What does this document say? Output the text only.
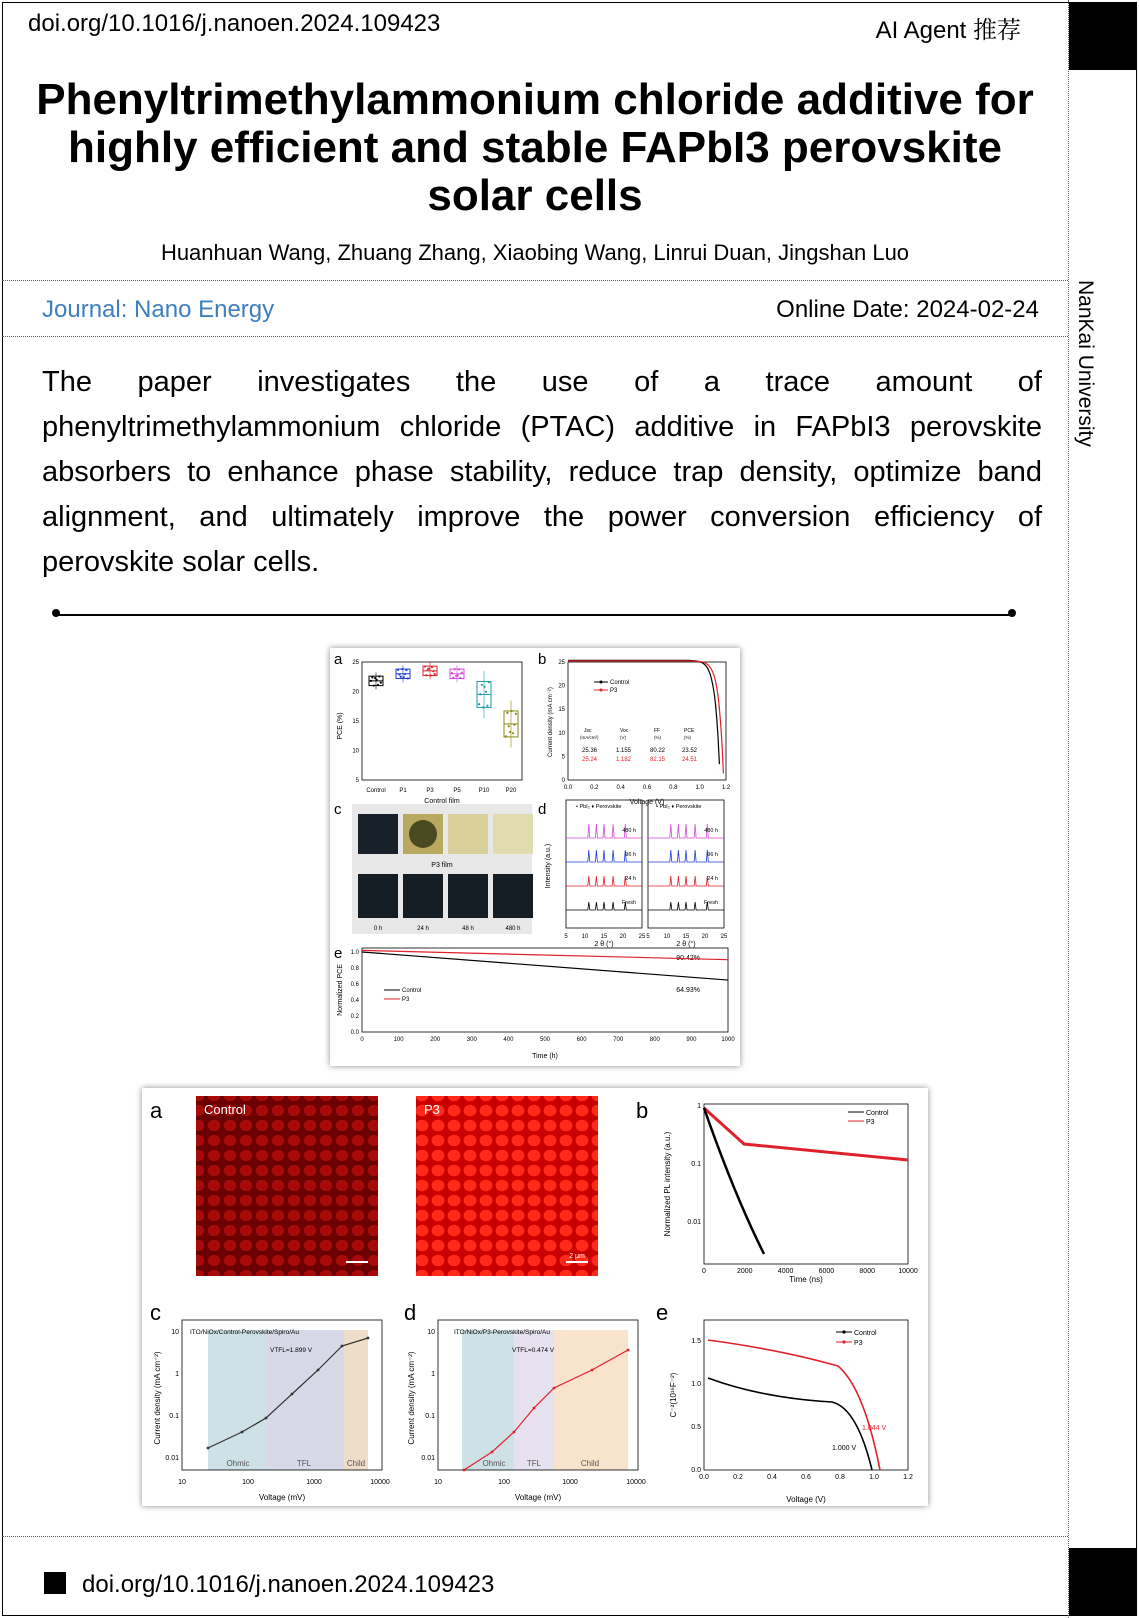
doi.org/10.1016/j.nanoen.2024.109423	AI Agent 推荐
Phenyltrimethylammonium chloride additive for highly efficient and stable FAPbI3 perovskite solar cells
Huanhuan Wang, Zhuang Zhang, Xiaobing Wang, Linrui Duan, Jingshan Luo
Journal: Nano Energy	Online Date: 2024-02-24 NanKai University
The paper investigates the use of a trace amount of phenyltrimethylammonium chloride (PTAC) additive in FAPbI3 perovskite absorbers to enhance phase stability, reduce trap density, optimize band alignment, and ultimately improve the power conversion efficiency of perovskite solar cells.
a
PCE (%)
5
10
15
20
25
Control P1	P3	P5	P10	P20
b
Current density (mA cm⁻²)
Voltage (V)
Control
P3
Jsc	Voc	FF	PCE
(mA/cm²)	(V)	(%)	(%)
25.36	1.155	80.22	23.52
25.24	1.182	82.15	24.51
0.0	0.2	0.4	0.6	0.8	1.0	1.2
0
5
10
15
20
25
c	Control film
P3 film
0 h	24 h	48 h	480 h
d	• PbI₂ ♦ Perovskite	• PbI₂ ♦ Perovskite
Intensity (a.u.)
2 θ (°)	2 θ (°)
480 h
96 h
24 h
Fresh
5 10 15 20 25
480 h
96 h
24 h
Fresh
5 10 15 20 25
e
Normalized PCE
Time (h)
Control
P3
90.42%
64.93%
0	100	200	300	400	500	600	700	800	900	1000
0.0
0.2
0.4
0.6
0.8
1.0
a	Control	P3
2 μm
b
Normalized PL intensity (a.u.)
Time (ns)
Control
P3
0	2000	4000	6000	8000	10000
1
0.1
0.01
c
Current density (mA cm⁻²)
Voltage (mV)
ITO/NiOx/Control-Perovskite/Spiro/Au
VTFL=1.899 V
Ohmic	TFL	Child
10	100	1000	10000
0.01
0.1
1
10
d
Current density (mA cm⁻²)
Voltage (mV)
ITO/NiOx/P3-Perovskite/Spiro/Au
VTFL=0.474 V
Ohmic	TFL	Child
10	100	1000	10000
0.01
0.1
1
10
e
C⁻²(10¹⁶F⁻²)
Voltage (V)
Control
P3
1.000 V
1.044 V
0.0	0.2	0.4	0.6	0.8	1.0	1.2
0.0
0.5
1.0
1.5
doi.org/10.1016/j.nanoen.2024.109423
